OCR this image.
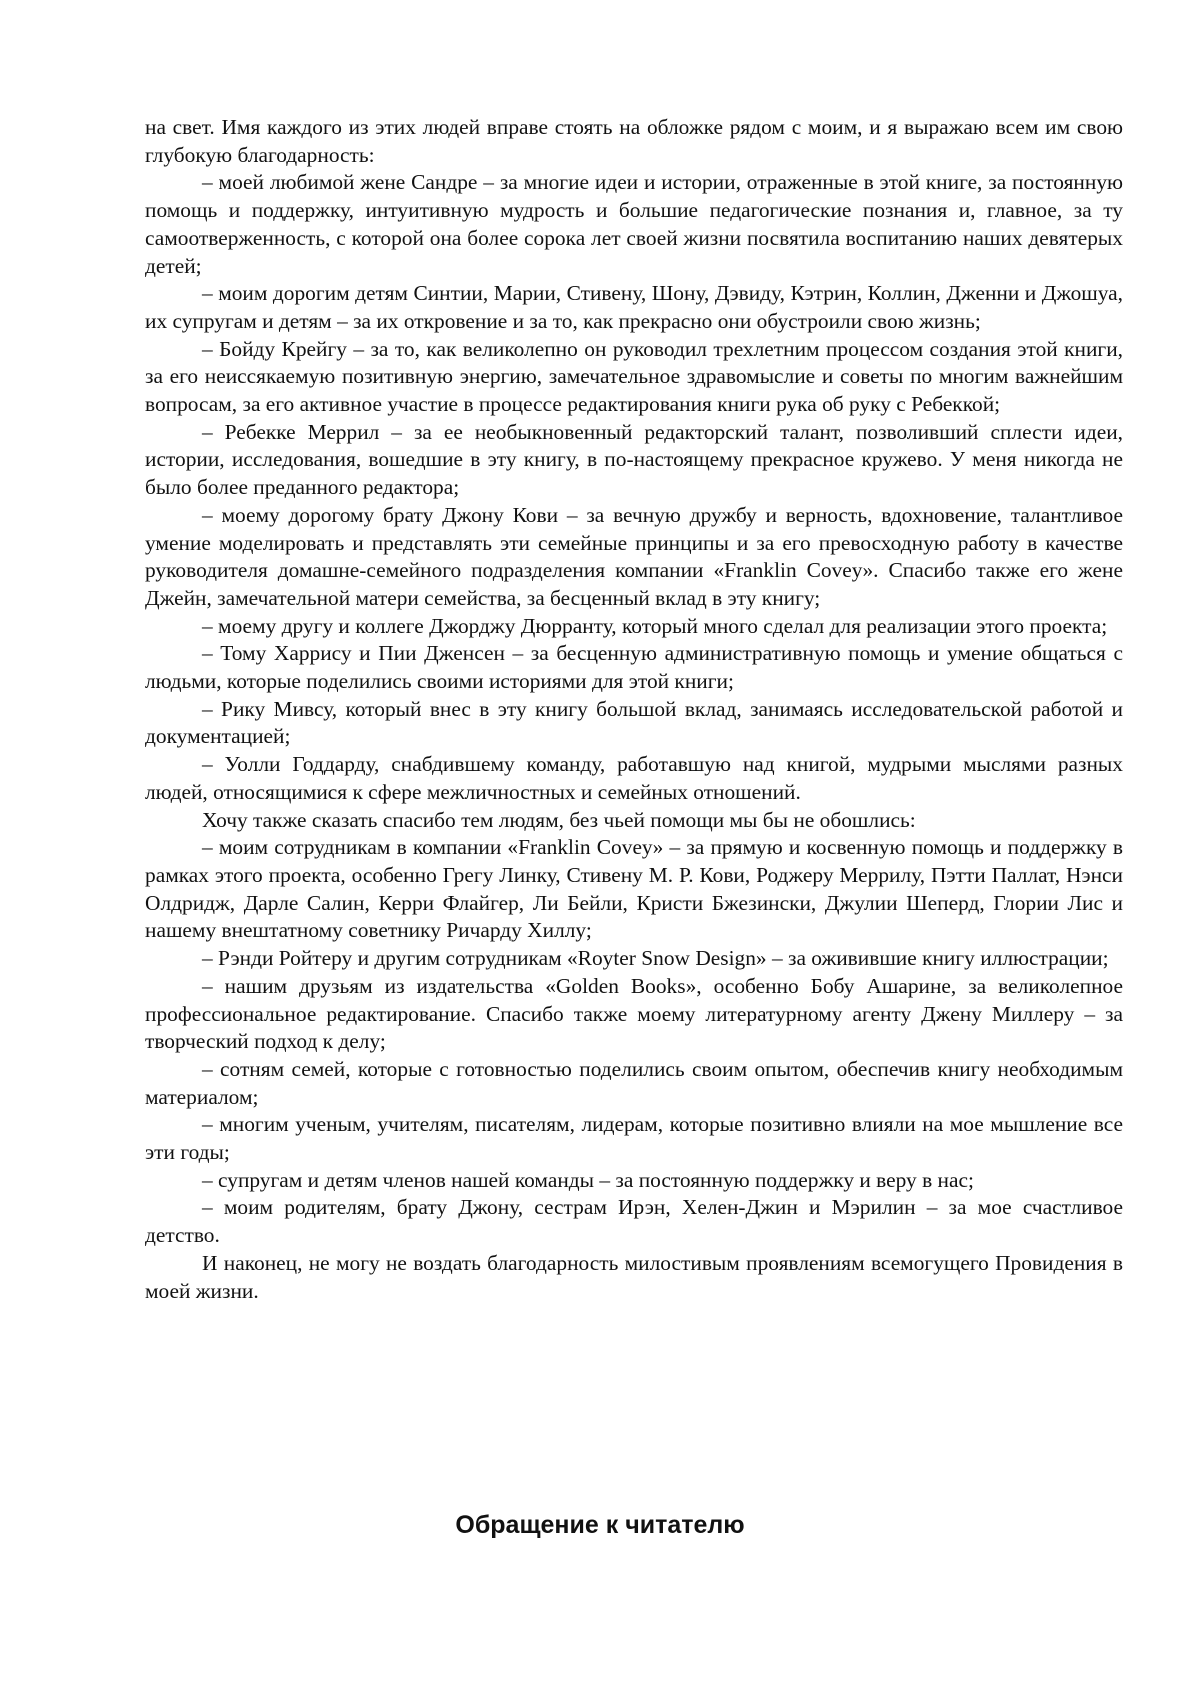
на свет. Имя каждого из этих людей вправе стоять на обложке рядом с моим, и я выражаю всем им свою глубокую благодарность:

– моей любимой жене Сандре – за многие идеи и истории, отраженные в этой книге, за постоянную помощь и поддержку, интуитивную мудрость и большие педагогические познания и, главное, за ту самоотверженность, с которой она более сорока лет своей жизни посвятила воспитанию наших девятерых детей;

– моим дорогим детям Синтии, Марии, Стивену, Шону, Дэвиду, Кэтрин, Коллин, Дженни и Джошуа, их супругам и детям – за их откровение и за то, как прекрасно они обустроили свою жизнь;

– Бойду Крейгу – за то, как великолепно он руководил трехлетним процессом создания этой книги, за его неиссякаемую позитивную энергию, замечательное здравомыслие и советы по многим важнейшим вопросам, за его активное участие в процессе редактирования книги рука об руку с Ребеккой;

– Ребекке Меррил – за ее необыкновенный редакторский талант, позволивший сплести идеи, истории, исследования, вошедшие в эту книгу, в по-настоящему прекрасное кружево. У меня никогда не было более преданного редактора;

– моему дорогому брату Джону Кови – за вечную дружбу и верность, вдохновение, талантливое умение моделировать и представлять эти семейные принципы и за его превосходную работу в качестве руководителя домашне-семейного подразделения компании «Franklin Covey». Спасибо также его жене Джейн, замечательной матери семейства, за бесценный вклад в эту книгу;

– моему другу и коллеге Джорджу Дюрранту, который много сделал для реализации этого проекта;

– Тому Харрису и Пии Дженсен – за бесценную административную помощь и умение общаться с людьми, которые поделились своими историями для этой книги;

– Рику Мивсу, который внес в эту книгу большой вклад, занимаясь исследовательской работой и документацией;

– Уолли Годдарду, снабдившему команду, работавшую над книгой, мудрыми мыслями разных людей, относящимися к сфере межличностных и семейных отношений.

Хочу также сказать спасибо тем людям, без чьей помощи мы бы не обошлись:

– моим сотрудникам в компании «Franklin Covey» – за прямую и косвенную помощь и поддержку в рамках этого проекта, особенно Грегу Линку, Стивену М. Р. Кови, Роджеру Меррилу, Пэтти Паллат, Нэнси Олдридж, Дарле Салин, Керри Флайгер, Ли Бейли, Кристи Бжезински, Джулии Шеперд, Глории Лис и нашему внештатному советнику Ричарду Хиллу;

– Рэнди Ройтеру и другим сотрудникам «Royter Snow Design» – за оживившие книгу иллюстрации;

– нашим друзьям из издательства «Golden Books», особенно Бобу Ашарине, за великолепное профессиональное редактирование. Спасибо также моему литературному агенту Джену Миллеру – за творческий подход к делу;

– сотням семей, которые с готовностью поделились своим опытом, обеспечив книгу необходимым материалом;

– многим ученым, учителям, писателям, лидерам, которые позитивно влияли на мое мышление все эти годы;

– супругам и детям членов нашей команды – за постоянную поддержку и веру в нас;

– моим родителям, брату Джону, сестрам Ирэн, Хелен-Джин и Мэрилин – за мое счастливое детство.

И наконец, не могу не воздать благодарность милостивым проявлениям всемогущего Провидения в моей жизни.

Обращение к читателю
